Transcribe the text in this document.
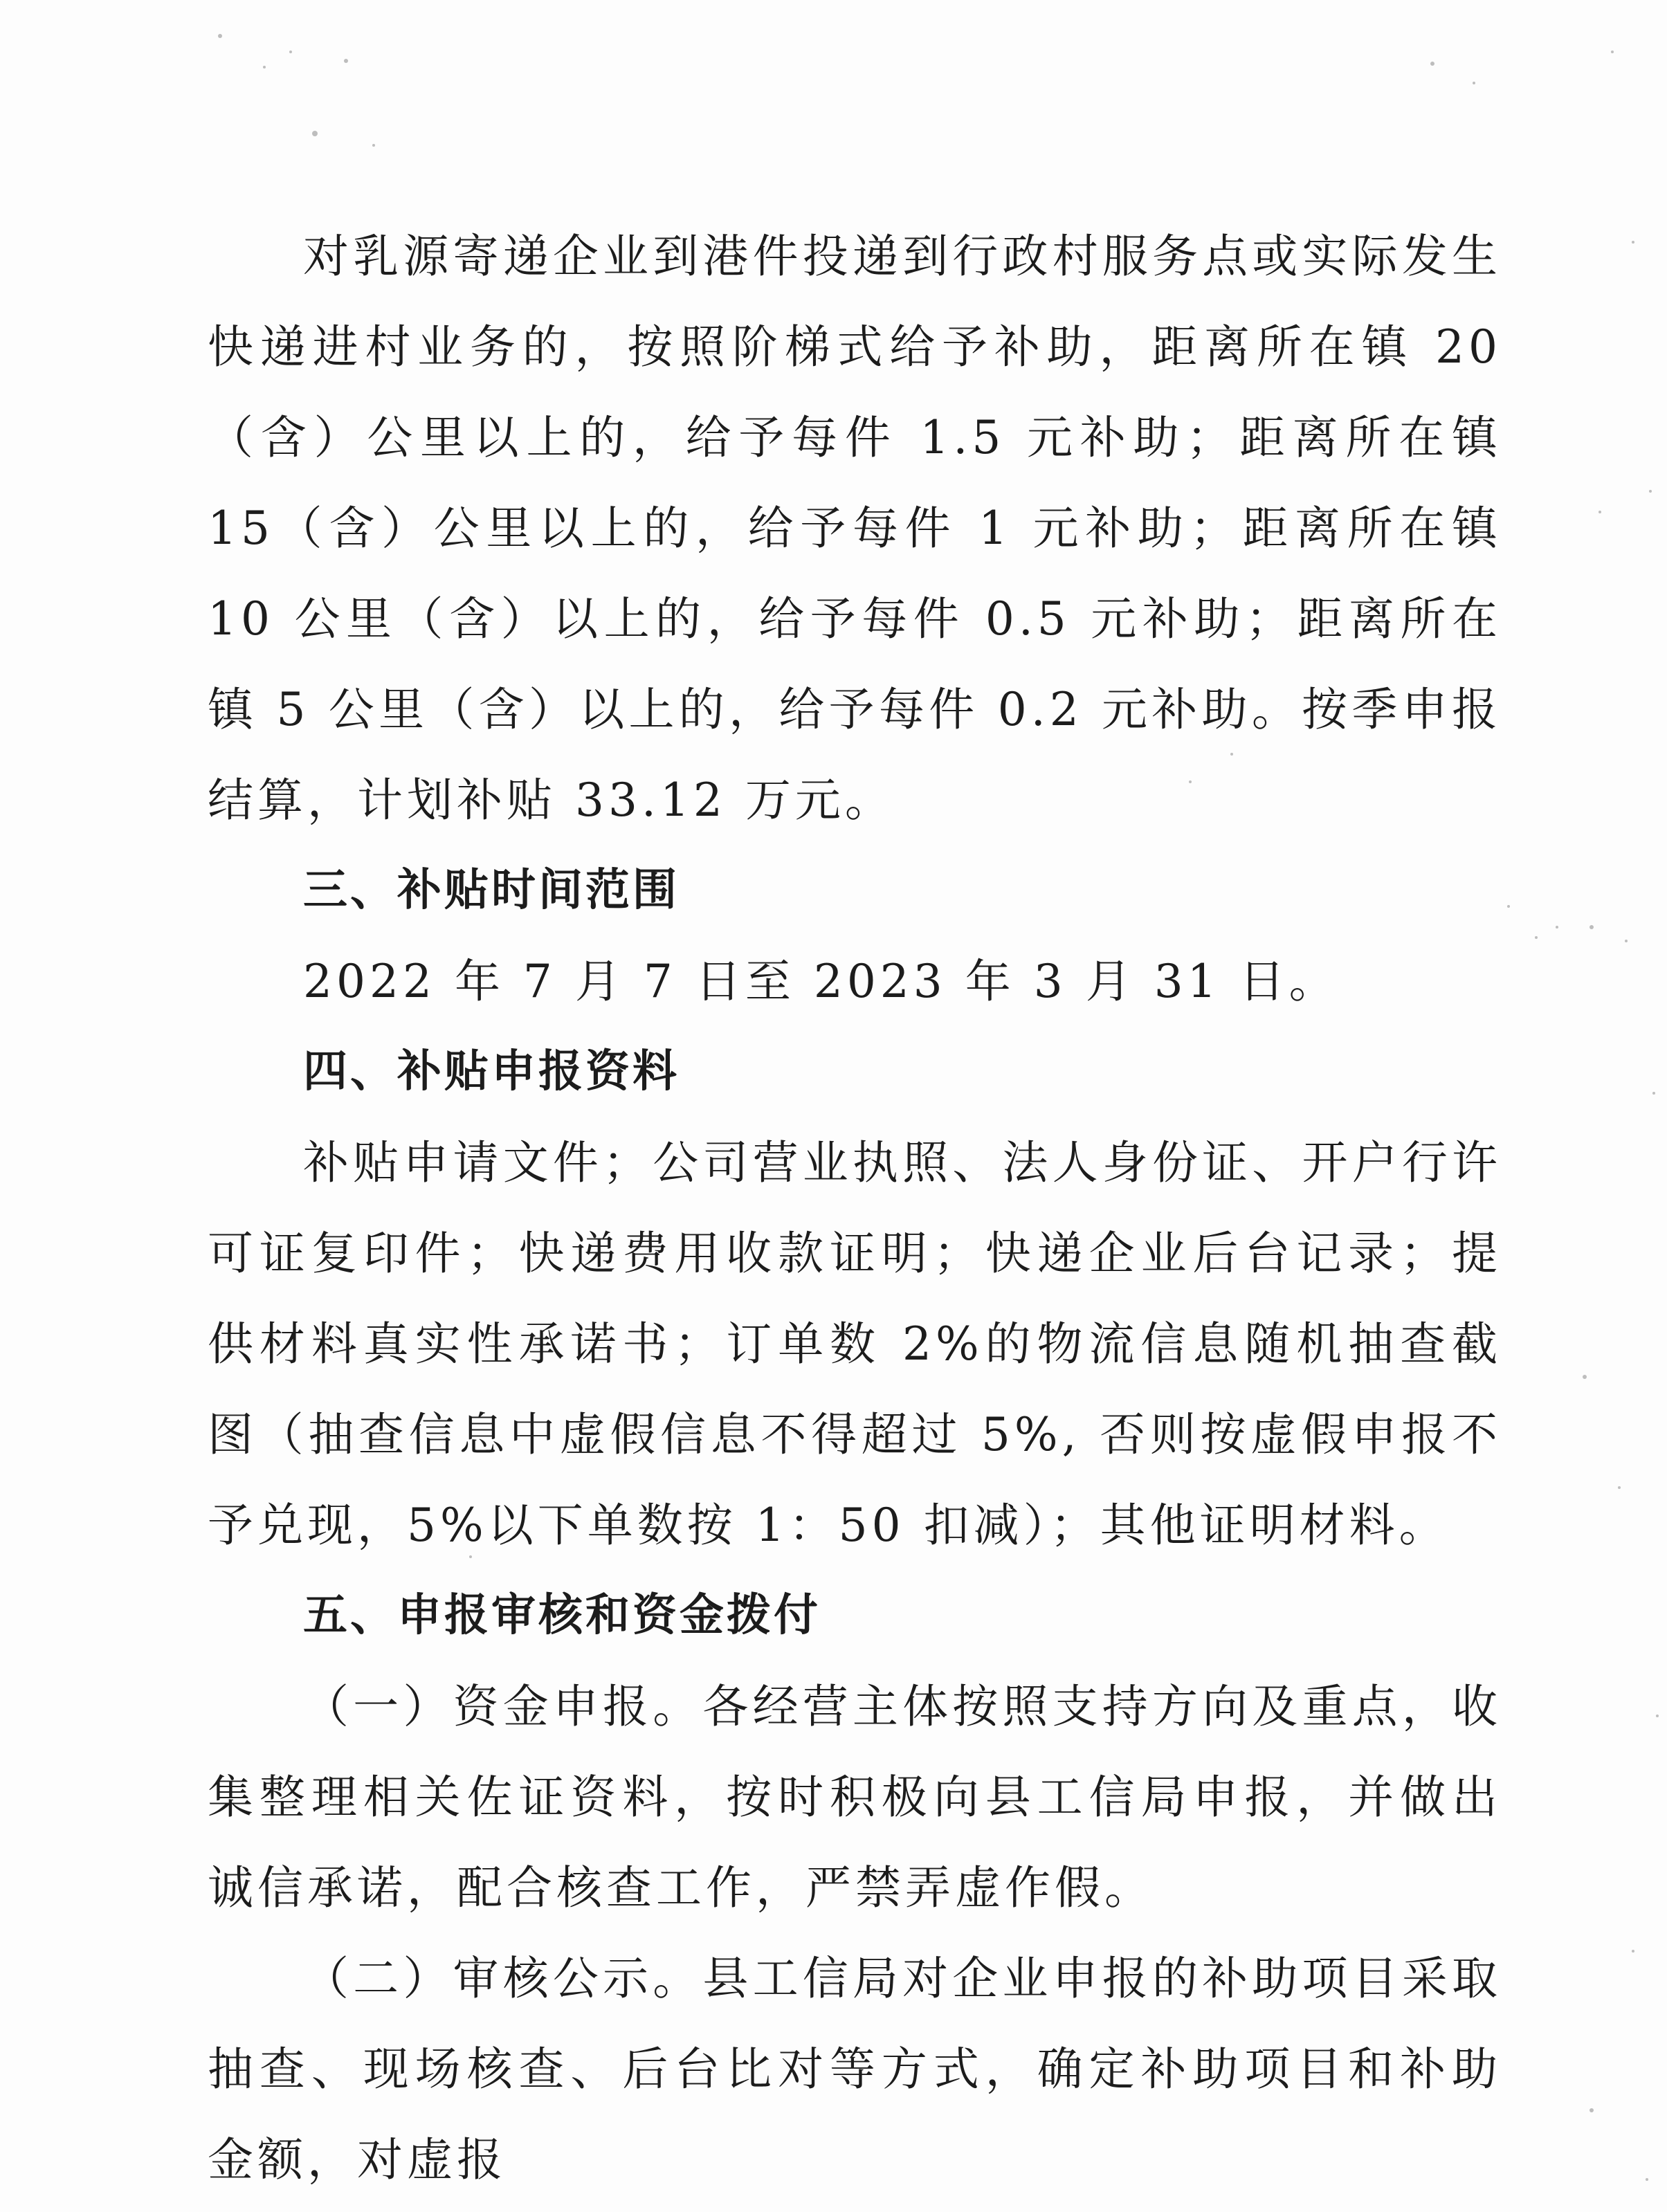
对乳源寄递企业到港件投递到行政村服务点或实际发生快递进村业务的，按照阶梯式给予补助，距离所在镇 20（含）公里以上的，给予每件 1.5 元补助；距离所在镇 15（含）公里以上的，给予每件 1 元补助；距离所在镇 10 公里（含）以上的，给予每件 0.5 元补助；距离所在镇 5 公里（含）以上的，给予每件 0.2 元补助。按季申报结算，计划补贴 33.12 万元。

三、补贴时间范围

2022 年 7 月 7 日至 2023 年 3 月 31 日。

四、补贴申报资料

补贴申请文件；公司营业执照、法人身份证、开户行许可证复印件；快递费用收款证明；快递企业后台记录；提供材料真实性承诺书；订单数 2%的物流信息随机抽查截图（抽查信息中虚假信息不得超过 5%, 否则按虚假申报不予兑现，5%以下单数按 1：50 扣减）；其他证明材料。

五、申报审核和资金拨付

（一）资金申报。各经营主体按照支持方向及重点，收集整理相关佐证资料，按时积极向县工信局申报，并做出诚信承诺，配合核查工作，严禁弄虚作假。

（二）审核公示。县工信局对企业申报的补助项目采取抽查、现场核查、后台比对等方式，确定补助项目和补助金额，对虚报
